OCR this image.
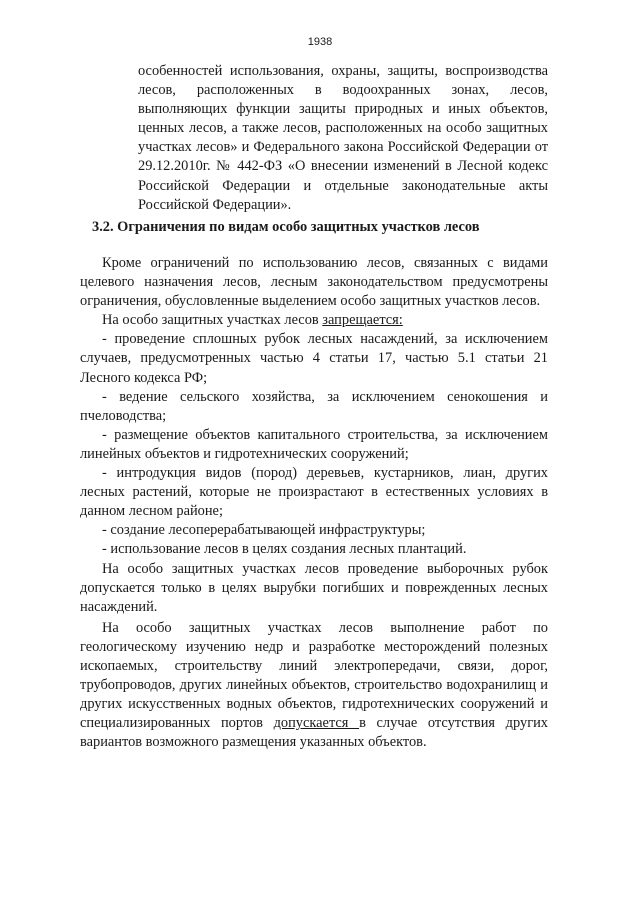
1938

особенностей использования, охраны, защиты, воспроизводства лесов, расположенных в водоохранных зонах, лесов, выполняющих функции защиты природных и иных объектов, ценных лесов, а также лесов, расположенных на особо защитных участках лесов» и Федерального закона Российской Федерации от 29.12.2010г. № 442-ФЗ «О внесении изменений в Лесной кодекс Российской Федерации и отдельные законодательные акты Российской Федерации».

3.2. Ограничения по видам особо защитных участков лесов

Кроме ограничений по использованию лесов, связанных с видами целевого назначения лесов, лесным законодательством предусмотрены ограничения, обусловленные выделением особо защитных участков лесов.

На особо защитных участках лесов запрещается:

- проведение сплошных рубок лесных насаждений, за исключением случаев, предусмотренных частью 4 статьи 17, частью 5.1 статьи 21 Лесного кодекса РФ;

- ведение сельского хозяйства, за исключением сенокошения и пчеловодства;

- размещение объектов капитального строительства, за исключением линейных объектов и гидротехнических сооружений;

- интродукция видов (пород) деревьев, кустарников, лиан, других лесных растений, которые не произрастают в естественных условиях в данном лесном районе;

- создание лесоперерабатывающей инфраструктуры;

- использование лесов в целях создания лесных плантаций.

На особо защитных участках лесов проведение выборочных рубок допускается только в целях вырубки погибших и поврежденных лесных насаждений.

На особо защитных участках лесов выполнение работ по геологическому изучению недр и разработке месторождений полезных ископаемых, строительству линий электропередачи, связи, дорог, трубопроводов, других линейных объектов, строительство водохранилищ и других искусственных водных объектов, гидротехнических сооружений и специализированных портов допускается в случае отсутствия других вариантов возможного размещения указанных объектов.
